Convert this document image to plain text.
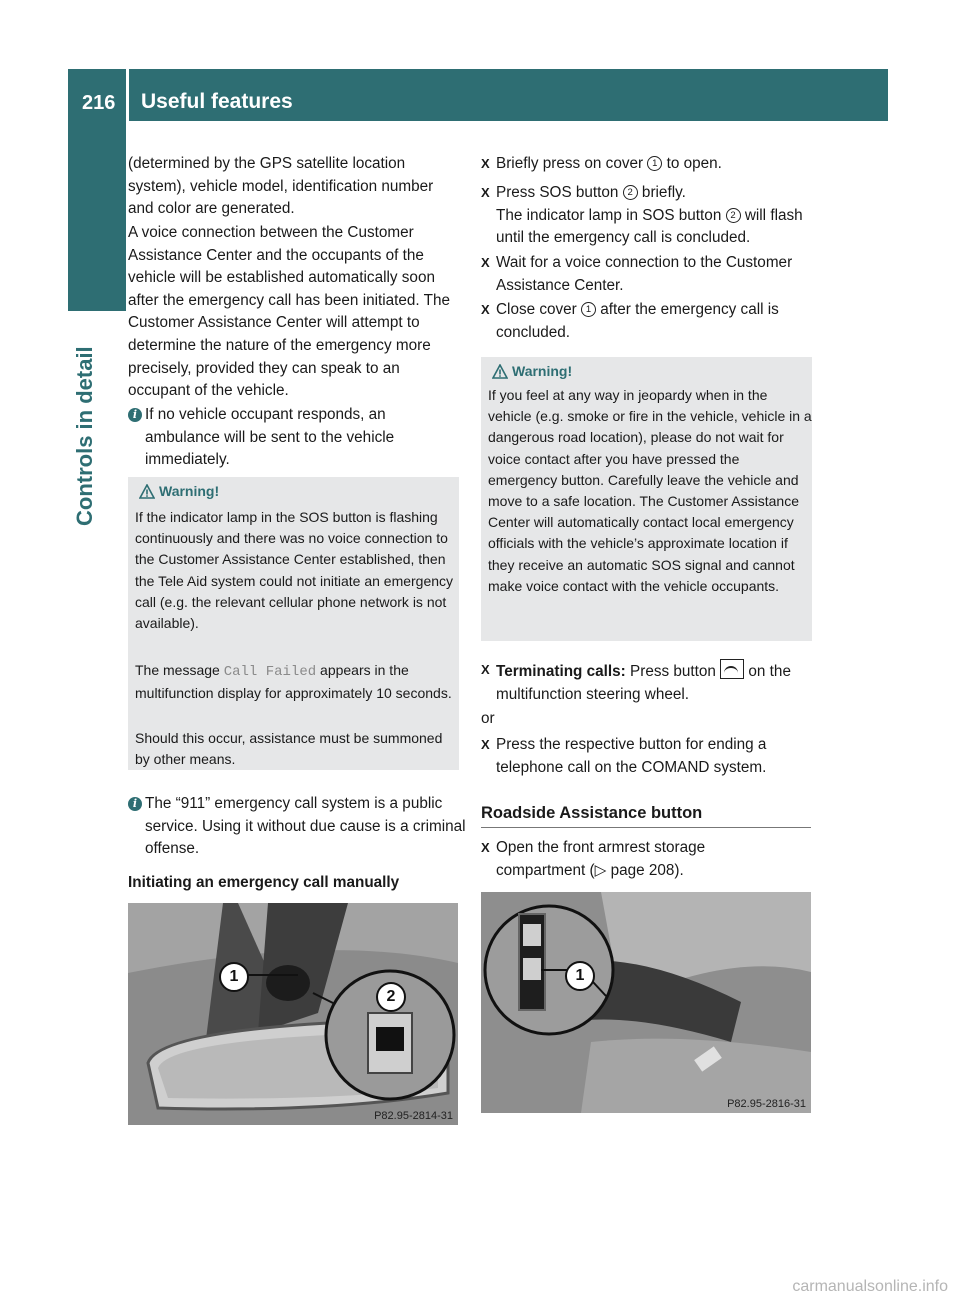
216 Useful features
Controls in detail

(determined by the GPS satellite location system), vehicle model, identification number and color are generated.

A voice connection between the Customer Assistance Center and the occupants of the vehicle will be established automatically soon after the emergency call has been initiated. The Customer Assistance Center will attempt to determine the nature of the emergency more precisely, provided they can speak to an occupant of the vehicle.

i If no vehicle occupant responds, an ambulance will be sent to the vehicle immediately.
Warning!
If the indicator lamp in the SOS button is flashing continuously and there was no voice connection to the Customer Assistance Center established, then the Tele Aid system could not initiate an emergency call (e.g. the relevant cellular phone network is not available).
The message Call Failed appears in the multifunction display for approximately 10 seconds.
Should this occur, assistance must be summoned by other means.
i The “911” emergency call system is a public service. Using it without due cause is a criminal offense.
Initiating an emergency call manually
1
2
P82.95-2814-31
X Briefly press on cover 1 to open.
X Press SOS button 2 briefly.
The indicator lamp in SOS button 2 will flash until the emergency call is concluded.
X Wait for a voice connection to the Customer Assistance Center.
X Close cover 1 after the emergency call is concluded.
Warning!
If you feel at any way in jeopardy when in the vehicle (e.g. smoke or fire in the vehicle, vehicle in a dangerous road location), please do not wait for voice contact after you have pressed the emergency button. Carefully leave the vehicle and move to a safe location. The Customer Assistance Center will automatically contact local emergency officials with the vehicle’s approximate location if they receive an automatic SOS signal and cannot make voice contact with the vehicle occupants.
X Terminating calls: Press button  on the multifunction steering wheel.
or
X Press the respective button for ending a telephone call on the COMAND system.
Roadside Assistance button
X Open the front armrest storage compartment (▷ page 208).
1
P82.95-2816-31
carmanualsonline.info
